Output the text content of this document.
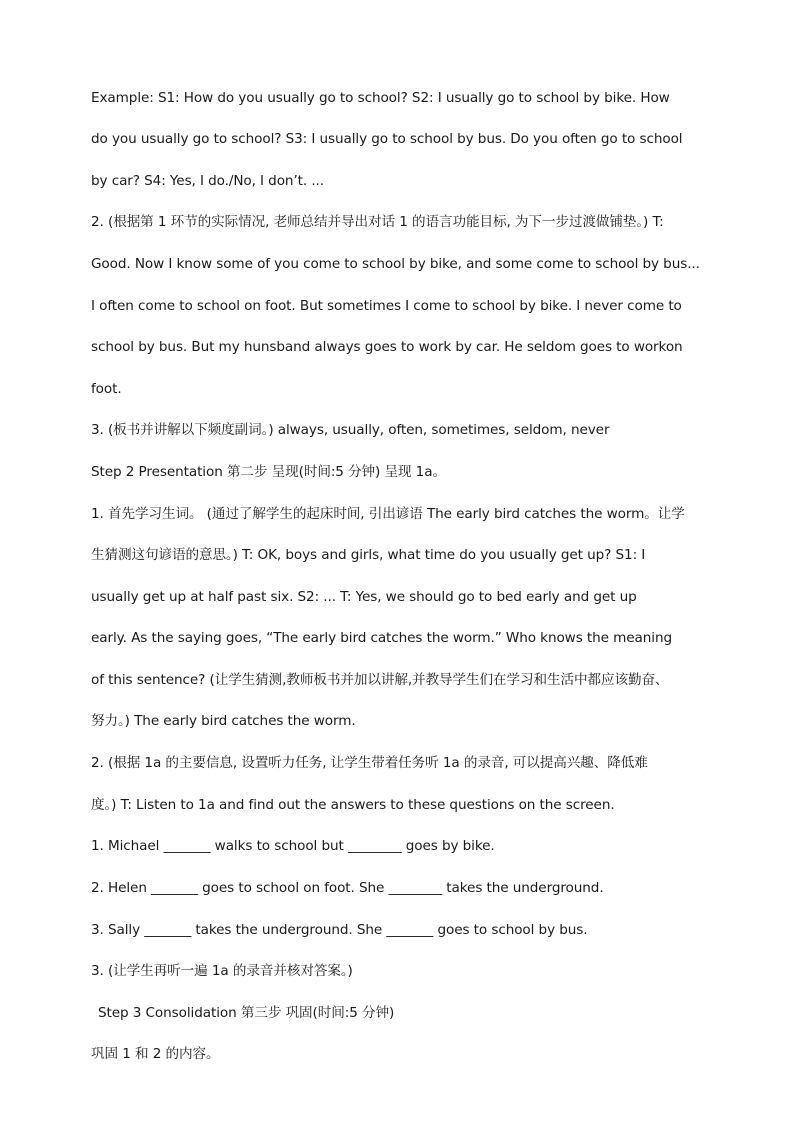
Example: S1: How do you usually go to school? S2: I usually go to school by bike. How
do you usually go to school? S3: I usually go to school by bus. Do you often go to school
by car? S4: Yes, I do./No, I don’t. ...
2. (根据第 1 环节的实际情况, 老师总结并导出对话 1 的语言功能目标, 为下一步过渡做铺垫。) T:
Good. Now I know some of you come to school by bike, and some come to school by bus...
I often come to school on foot. But sometimes I come to school by bike. I never come to
school by bus. But my hunsband always goes to work by car. He seldom goes to workon
foot.
3. (板书并讲解以下频度副词。) always, usually, often, sometimes, seldom, never
Step 2 Presentation 第二步 呈现(时间:5 分钟) 呈现 1a。
1. 首先学习生词。 (通过了解学生的起床时间, 引出谚语 The early bird catches the worm。让学
生猜测这句谚语的意思。) T: OK, boys and girls, what time do you usually get up? S1: I
usually get up at half past six. S2: ... T: Yes, we should go to bed early and get up
early. As the saying goes, “The early bird catches the worm.” Who knows the meaning
of this sentence? (让学生猜测,教师板书并加以讲解,并教导学生们在学习和生活中都应该勤奋、
努力。) The early bird catches the worm.
2. (根据 1a 的主要信息, 设置听力任务, 让学生带着任务听 1a 的录音, 可以提高兴趣、降低难
度。) T: Listen to 1a and find out the answers to these questions on the screen.
1. Michael _______ walks to school but ________ goes by bike.
2. Helen _______ goes to school on foot. She ________ takes the underground.
3. Sally _______ takes the underground. She _______ goes to school by bus.
3. (让学生再听一遍 1a 的录音并核对答案。)
Step 3 Consolidation 第三步 巩固(时间:5 分钟)
巩固 1 和 2 的内容。
